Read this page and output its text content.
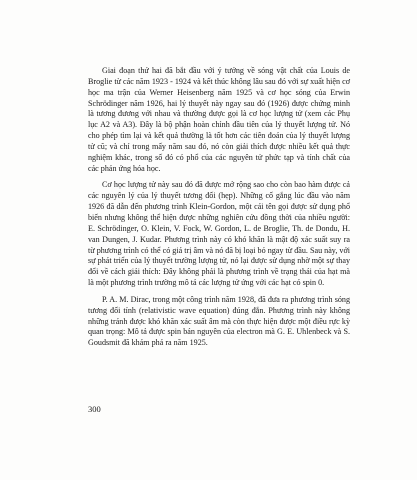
Giai đoạn thứ hai đã bắt đầu với ý tưởng về sóng vật chất của Louis de Broglie từ các năm 1923 - 1924 và kết thúc không lâu sau đó với sự xuất hiện cơ học ma trận của Werner Heisenberg năm 1925 và cơ học sóng của Erwin Schrödinger năm 1926, hai lý thuyết này ngay sau đó (1926) được chứng minh là tương đương với nhau và thường được gọi là cơ học lượng tử (xem các Phụ lục A2 và A3). Đây là bộ phận hoàn chỉnh đầu tiên của lý thuyết lượng tử. Nó cho phép tìm lại và kết quả thường là tốt hơn các tiên đoán của lý thuyết lượng tử cũ; và chỉ trong mấy năm sau đó, nó còn giải thích được nhiều kết quả thực nghiệm khác, trong số đó có phổ của các nguyên tử phức tạp và tính chất của các phản ứng hóa học.

Cơ học lượng tử này sau đó đã được mở rộng sao cho còn bao hàm được cả các nguyên lý của lý thuyết tương đối (hẹp). Những cố gắng lúc đầu vào năm 1926 đã dẫn đến phương trình Klein-Gordon, một cái tên gọi được sử dụng phổ biến nhưng không thể hiện được những nghiên cứu đồng thời của nhiều người: E. Schrödinger, O. Klein, V. Fock, W. Gordon, L. de Broglie, Th. de Dondu, H. van Dungen, J. Kudar. Phương trình này có khó khăn là mật độ xác suất suy ra từ phương trình có thể có giá trị âm và nó đã bị loại bỏ ngay từ đầu. Sau này, với sự phát triển của lý thuyết trường lượng tử, nó lại được sử dụng nhờ một sự thay đổi về cách giải thích: Đây không phải là phương trình về trạng thái của hạt mà là một phương trình trường mô tả các lượng tử ứng với các hạt có spin 0.

P. A. M. Dirac, trong một công trình năm 1928, đã đưa ra phương trình sóng tương đối tính (relativistic wave equation) đúng đắn. Phương trình này không những tránh được khó khăn xác suất âm mà còn thực hiện được một điều rực kỳ quan trọng: Mô tả được spin bán nguyên của electron mà G. E. Uhlenbeck và S. Goudsmit đã khám phá ra năm 1925.

300
